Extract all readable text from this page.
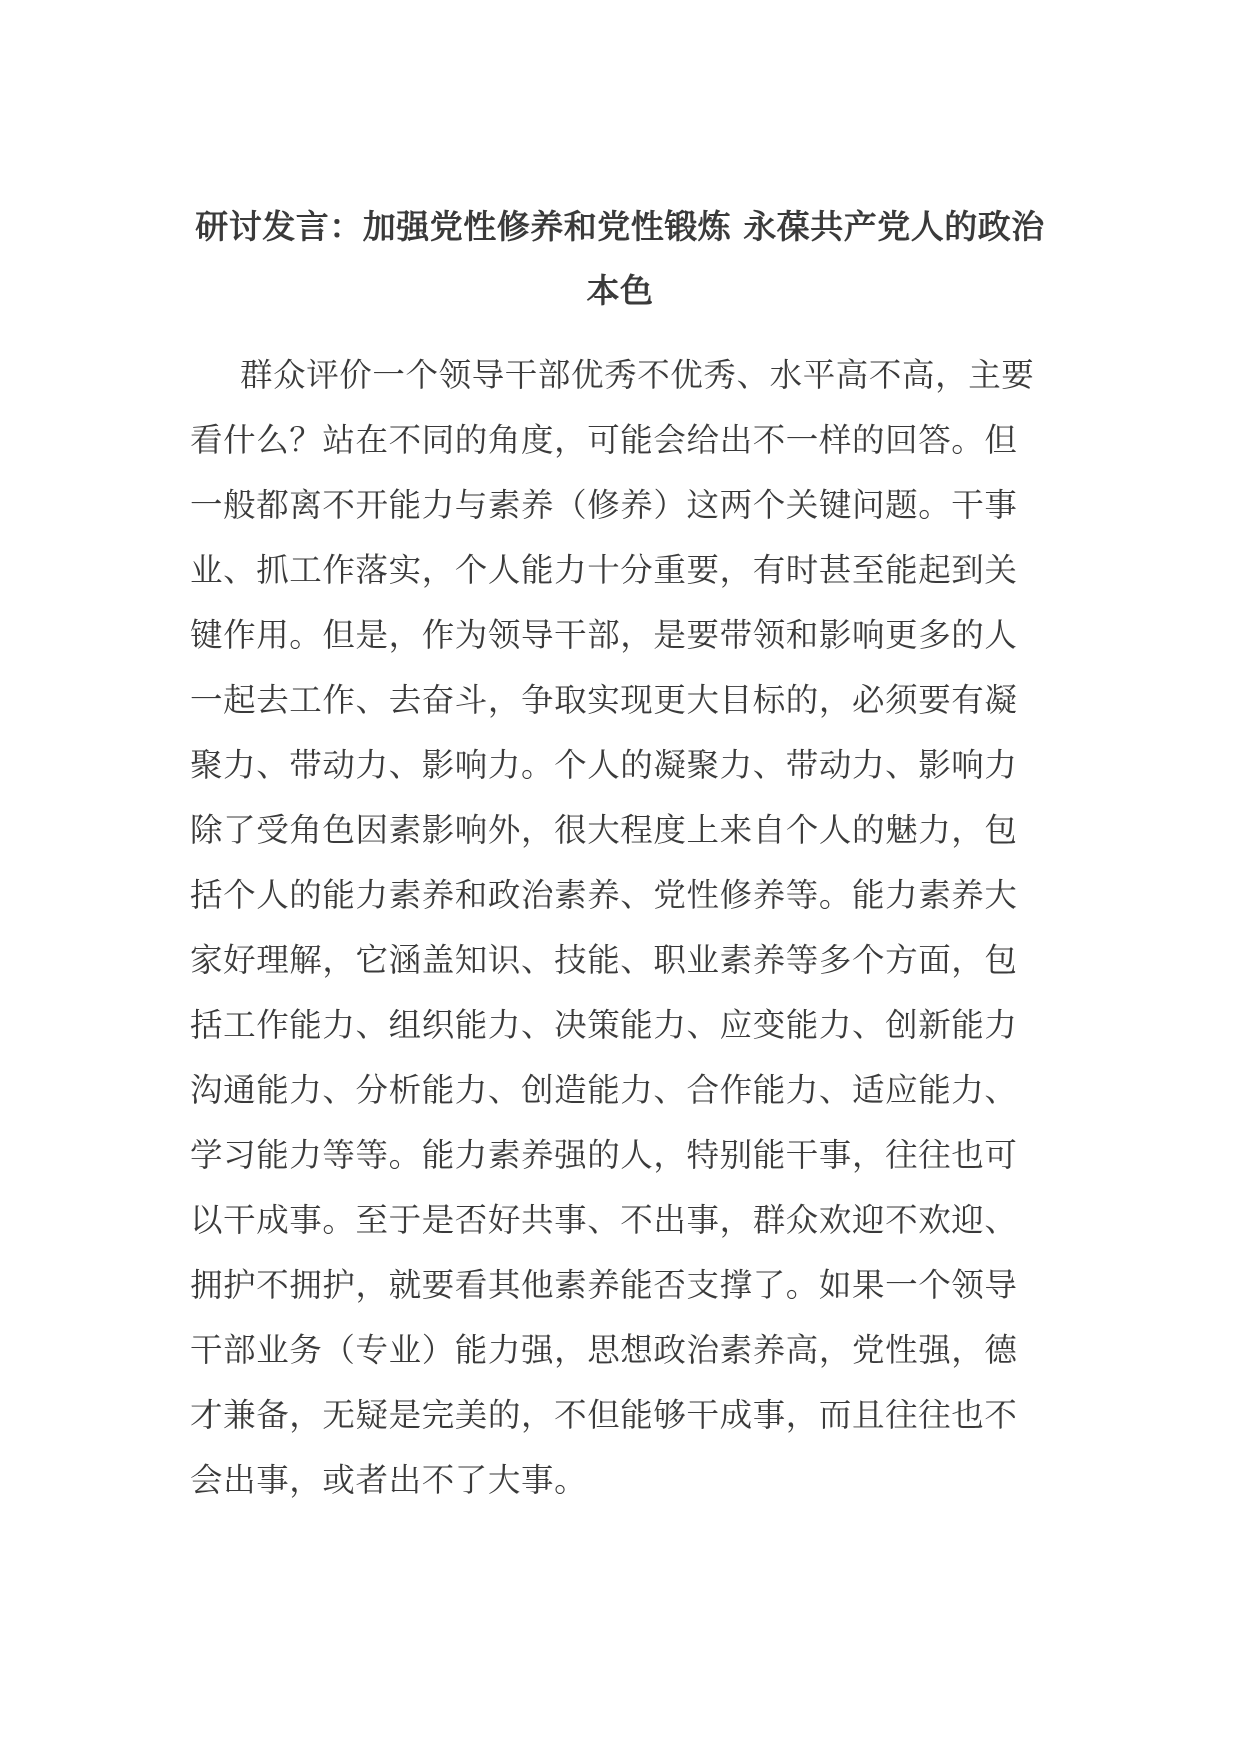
研讨发言：加强党性修养和党性锻炼 永葆共产党人的政治
本色
群众评价一个领导干部优秀不优秀、水平高不高，主要
看什么？站在不同的角度，可能会给出不一样的回答。但
一般都离不开能力与素养（修养）这两个关键问题。干事
业、抓工作落实，个人能力十分重要，有时甚至能起到关
键作用。但是，作为领导干部，是要带领和影响更多的人
一起去工作、去奋斗，争取实现更大目标的，必须要有凝
聚力、带动力、影响力。个人的凝聚力、带动力、影响力
除了受角色因素影响外，很大程度上来自个人的魅力，包
括个人的能力素养和政治素养、党性修养等。能力素养大
家好理解，它涵盖知识、技能、职业素养等多个方面，包
括工作能力、组织能力、决策能力、应变能力、创新能力
沟通能力、分析能力、创造能力、合作能力、适应能力、
学习能力等等。能力素养强的人，特别能干事，往往也可
以干成事。至于是否好共事、不出事，群众欢迎不欢迎、
拥护不拥护，就要看其他素养能否支撑了。如果一个领导
干部业务（专业）能力强，思想政治素养高，党性强，德
才兼备，无疑是完美的，不但能够干成事，而且往往也不
会出事，或者出不了大事。
